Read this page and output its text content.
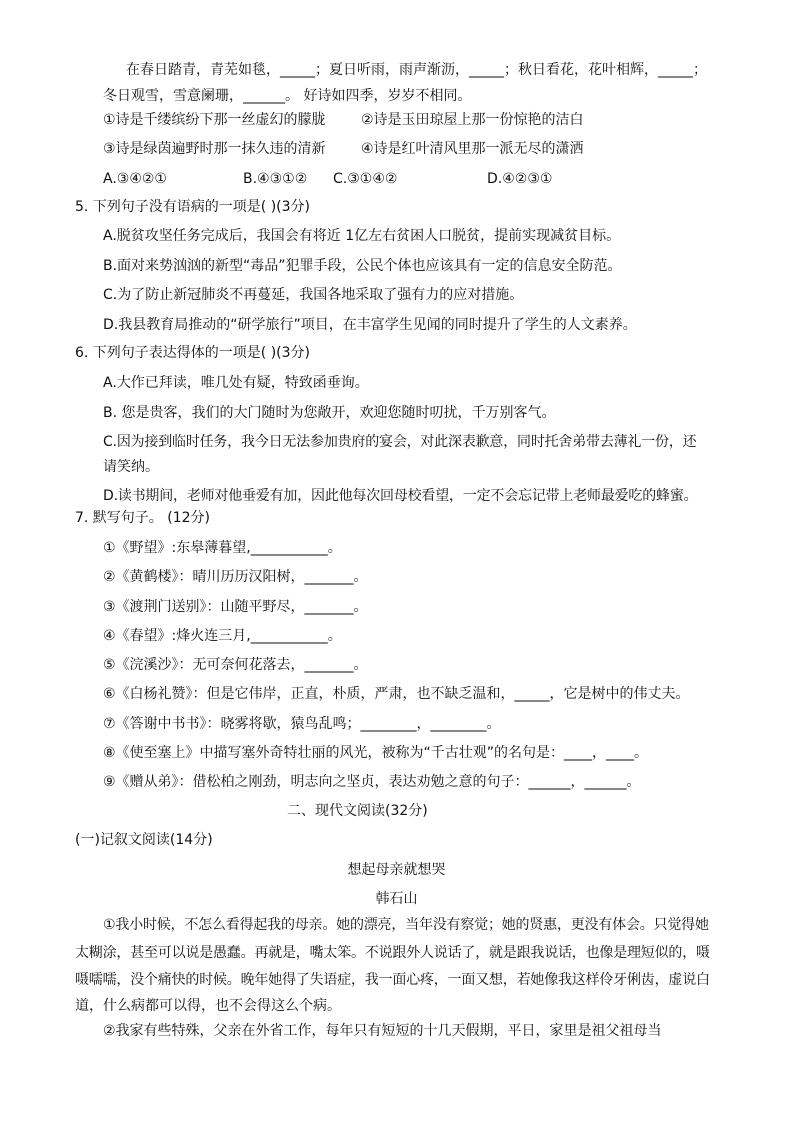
在春日踏青，青芜如毯，_____；夏日听雨，雨声渐沥，_____；秋日看花，花叶相辉，_____；
冬日观雪，雪意阑珊，______。 好诗如四季，岁岁不相同。
①诗是千缕缤纷下那一丝虚幻的朦胧	②诗是玉田琼屋上那一份惊艳的洁白
③诗是绿茵遍野时那一抹久违的清新	④诗是红叶清风里那一派无尽的潇洒
A.③④②①	B.④③①② C.③①④②	D.④②③①
5. 下列句子没有语病的一项是( )(3分)
A.脱贫攻坚任务完成后，我国会有将近 1亿左右贫困人口脱贫，提前实现减贫目标。
B.面对来势汹汹的新型“毒品”犯罪手段，公民个体也应该具有一定的信息安全防范。
C.为了防止新冠肺炎不再蔓延，我国各地采取了强有力的应对措施。
D.我县教育局推动的“研学旅行”项目，在丰富学生见闻的同时提升了学生的人文素养。
6. 下列句子表达得体的一项是( )(3分)
A.大作已拜读，唯几处有疑，特致函垂询。
B. 您是贵客，我们的大门随时为您敞开，欢迎您随时叨扰，千万别客气。
C.因为接到临时任务，我今日无法参加贵府的宴会，对此深表歉意，同时托舍弟带去薄礼一份，还
请笑纳。
D.读书期间，老师对他垂爱有加，因此他每次回母校看望，一定不会忘记带上老师最爱吃的蜂蜜。
7. 默写句子。 (12分)
①《野望》:东皋薄暮望,___________。
②《黄鹤楼》：晴川历历汉阳树，_______。
③《渡荆门送别》：山随平野尽，_______。
④《春望》:烽火连三月,___________。
⑤《浣溪沙》：无可奈何花落去，_______。
⑥《白杨礼赞》：但是它伟岸，正直，朴质，严肃，也不缺乏温和，_____，它是树中的伟丈夫。
⑦《答谢中书书》：晓雾将歇，猿鸟乱鸣；________，________。
⑧《使至塞上》中描写塞外奇特壮丽的风光，被称为“千古壮观”的名句是：____，____。
⑨《赠从弟》：借松柏之刚劲，明志向之坚贞，表达劝勉之意的句子：______，______。
二、现代文阅读(32分)
(一)记叙文阅读(14分)
想起母亲就想哭
韩石山
①我小时候，不怎么看得起我的母亲。她的漂亮，当年没有察觉；她的贤惠，更没有体会。只觉得她
太糊涂，甚至可以说是愚蠢。再就是，嘴太笨。不说跟外人说话了，就是跟我说话，也像是理短似的，嗫
嗫嚅嚅，没个痛快的时候。晚年她得了失语症，我一面心疼，一面又想，若她像我这样伶牙俐齿，虚说白
道，什么病都可以得，也不会得这么个病。
②我家有些特殊，父亲在外省工作，每年只有短短的十几天假期，平日，家里是祖父祖母当
